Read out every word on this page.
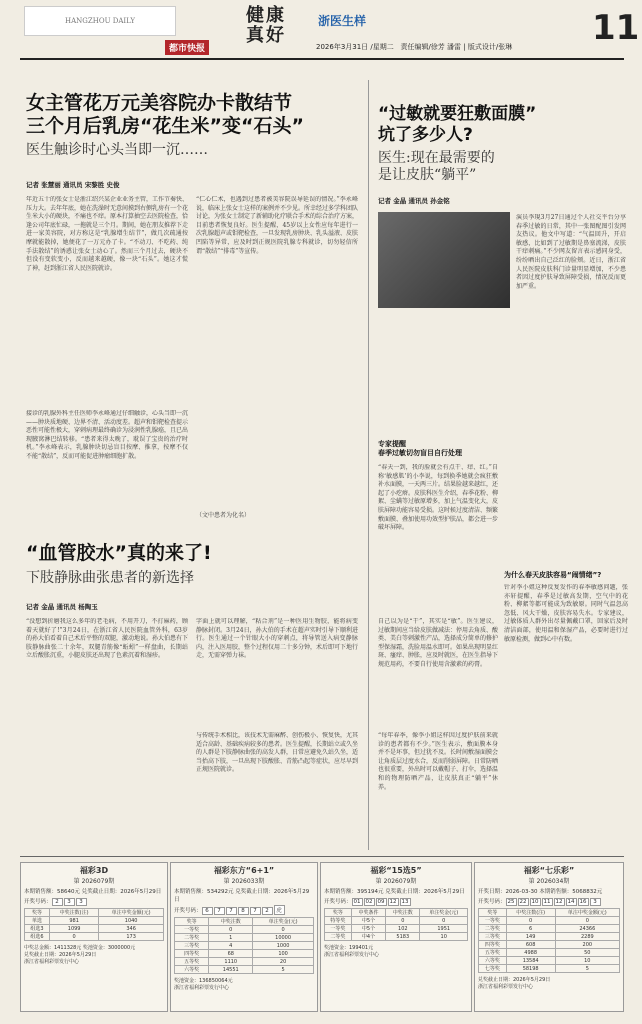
HANGZHOU DAILY
都市快报
健康
真好
浙医生样
2026年3月31日 /星期二 责任编辑/徐芳 潘雷 | 版式设计/张琳 11
女主管花万元美容院办卡散结节
三个月后乳房“花生米”变“石头”
医生触诊时心头当即一沉……
记者 张慧丽 通讯员 宋黎胜 史俊
年近五十的张女士是浙江绍兴某企业业务主管，工作节奏快、压力大。去年年底，她在洗澡时无意间摸到右侧乳房有一个花生米大小的硬块，不痛也不痒。原本打算抽空去医院检查，恰逢公司年底忙碌，一拖就是三个月。期间，她在朋友推荐下走进一家美容院，对方称这是“乳腺增生结节”，做几次疏通按摩就能散掉，她便花了一万元办了卡。“不动刀、不吃药、纯手法散结”的诱惑让张女士动心了。然而三个月过去，硬块不但没有变软变小，反而越来越硬，像一块“石头”。她这才慌了神，赶到浙江省人民医院就诊。
接诊的乳腺外科主任医师李永峰通过仔细触诊，心头当即一沉——肿块质地硬、边界不清、活动度差。超声和钼靶检查提示恶性可能性极大，穿刺病理最终确诊为浸润性乳腺癌，且已出现腋窝淋巴结转移。“患者来得太晚了，耽误了宝贵的治疗时机。”李永峰表示，乳腺肿块切忌盲目按摩、推拿，按摩不仅不能“散结”，反而可能促进肿瘤细胞扩散。
“仁心仁术，也遇到过患者被美容院误导延误的情况。”李永峰说，临床上张女士这样的案例并不少见。所幸经过多学科团队讨论，为张女士制定了新辅助化疗联合手术的综合治疗方案，目前患者恢复良好。医生提醒，45岁以上女性应每年进行一次乳腺超声或钼靶检查，一旦发现乳房肿块、乳头溢液、皮肤凹陷等异常，应及时到正规医院乳腺专科就诊，切勿轻信所谓“散结”“排毒”等宣传。
（文中患者为化名）
“血管胶水”真的来了!
下肢静脉曲张患者的新选择
记者 金晶 通讯员 杨陶玉
“没想到折磨我这么多年的老毛病，不用开刀，不打麻药，顾着天就好了!”3月24日，在浙江省人民医院血管外科，63岁的孙大伯看着自己术后平整的双腿，激动地说。孙大伯患有下肢静脉曲张二十余年，双腿青筋像“蚯蚓”一样盘曲，长期站立后酸胀沉重，小腿皮肤还出现了色素沉着和湿疹。
字面上就可以理解，“粘合剂”是一种医用生物胶，能将病变静脉封闭。3月24日，孙大伯的手术在超声实时引导下顺利进行。医生通过一个针眼大小的穿刺点，将导管送入病变静脉内，注入医用胶，整个过程仅用二十多分钟，术后即可下地行走，无需穿弹力袜。
与传统手术相比，该技术无需麻醉、创伤极小、恢复快，尤其适合高龄、基础疾病较多的患者。医生提醒，长期站立或久坐的人群是下肢静脉曲张的高发人群，日常应避免久站久坐，适当抬高下肢，一旦出现下肢酸胀、青筋凸起等症状，应尽早到正规医院就诊。
“过敏就要狂敷面膜”
坑了多少人?
医生:现在最需要的
是让皮肤“躺平”
记者 金晶 通讯员 孙金铭
演员李現3月27日通过个人社交平台分享春季过敏的日常，其中一张图配图引发网友热议。他文中写道：“气温回升，开启敏感，比如到了过敏期是鼻塞流涕，皮肤干痒刺痛。”不少网友留言表示感同身受，纷纷晒出自己泛红的脸颊。近日，浙江省人民医院皮肤科门诊量明显增加，不少患者因过度护肤导致屏障受损，情况反而更加严重。
专家提醒
春季过敏切勿盲目自行处理
“春天一到，我的脸就会有点干、痒、红。”自称‘敏感肌’的小李说，每到换季她就会疯狂敷补水面膜，一天两三片。结果脸越来越红，还起了小疙瘩。皮肤科医生介绍，春季花粉、柳絮、尘螨等过敏原增多，加上气温变化大，皮肤屏障功能容易受损。这时候过度清洁、频繁敷面膜、叠加使用功效型护肤品，都会进一步破坏屏障。
自己以为是“干”，其实是“敏”。医生建议，过敏期间应当给皮肤做减法：停用去角质、酸类、美白等刺激性产品，选择成分简单的修护型保湿霜，洗脸用温水即可。如果出现明显红斑、瘙痒、肿胀，应及时就医，在医生指导下规范用药，不要自行使用含激素的药膏。
“每年春季，像李小姐这样因过度护肤前来就诊的患者都有不少。”医生表示，敷面膜本身并不是坏事，但过犹不及。长时间敷湿面膜会让角质层过度水合，反而削弱屏障。日常防晒也很重要，外出时可以戴帽子、打伞，选择温和的物理防晒产品，让皮肤真正“躺平”休养。
为什么春天皮肤容易“闹情绪”?
针对李小姐这种反复发作的春季敏感问题，张亦轩提醒，春季是过敏高发期，空气中的花粉、柳絮等都可能成为致敏原。同时气温忽高忽低、风大干燥，皮肤容易失水。专家建议，过敏体质人群外出尽量佩戴口罩，回家后及时清洁面部，使用温和保湿产品，必要时进行过敏原检测，做到心中有数。
福彩3D
第 2026079期
本期销售额：58640元 兑奖截止日期：2026年5月29日
开奖号码： 2 3 3
奖等	中奖注数(注)	单注中奖金额(元)
单选	981	1040
组选3	1099	346
组选6	0	173
中奖总金额：1411328元 奖池资金：3000000元
兑奖截止日期：2026年5月29日
浙江省福利彩票发行中心
福彩东方“6+1”
第 2026033期
本期销售额：534292元 兑奖截止日期：2026年5月29日
开奖号码： 6 7 7 8 7 2 虎
奖等	中奖注数	单注奖金(元)
一等奖	0	0
二等奖	1	10000
三等奖	4	1000
四等奖	68	100
五等奖	1110	20
六等奖	14551	5
奖池资金：136850064元
浙江省福利彩票发行中心
福彩“15选5”
第 2026079期
本期销售额：395194元 兑奖截止日期：2026年5月29日
开奖号码： 01 02 09 12 13
奖等	中奖条件	中奖注数	单注奖金(元)
特等奖	中5个	0	0
一等奖	中5个	102	1951
二等奖	中4个	5183	10
奖池资金：199401元
浙江省福利彩票发行中心
福彩“七乐彩”
第 2026034期
开奖日期：2026-03-30 本期销售额：5068832元
开奖号码： 25 22 10 11 12 14 16 3
奖等	中奖注数(注)	单注中奖金额(元)
一等奖	0	0
二等奖	6	24366
三等奖	149	2289
四等奖	608	200
五等奖	4988	50
六等奖	13584	10
七等奖	58198	5
兑奖截止日期：2026年5月29日
浙江省福利彩票发行中心
